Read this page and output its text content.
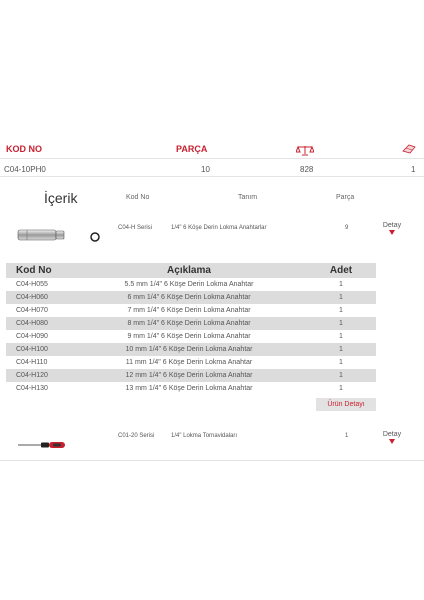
KOD NO	PARÇA
C04-10PH0	10	828	1
İçerik	Kod No	Tanım	Parça
C04-H Serisi	1/4" 6 Köşe Derin Lokma Anahtarlar	9	Detay
Kod No	Açıklama	Adet
C04-H055	5.5 mm 1/4" 6 Köşe Derin Lokma Anahtar	1
C04-H060	6 mm 1/4" 6 Köşe Derin Lokma Anahtar	1
C04-H070	7 mm 1/4" 6 Köşe Derin Lokma Anahtar	1
C04-H080	8 mm 1/4" 6 Köşe Derin Lokma Anahtar	1
C04-H090	9 mm 1/4" 6 Köşe Derin Lokma Anahtar	1
C04-H100	10 mm 1/4" 6 Köşe Derin Lokma Anahtar	1
C04-H110	11 mm 1/4" 6 Köşe Derin Lokma Anahtar	1
C04-H120	12 mm 1/4" 6 Köşe Derin Lokma Anahtar	1
C04-H130	13 mm 1/4" 6 Köşe Derin Lokma Anahtar	1
Ürün Detayı
C01-20 Serisi	1/4" Lokma Tornavidaları	1	Detay
